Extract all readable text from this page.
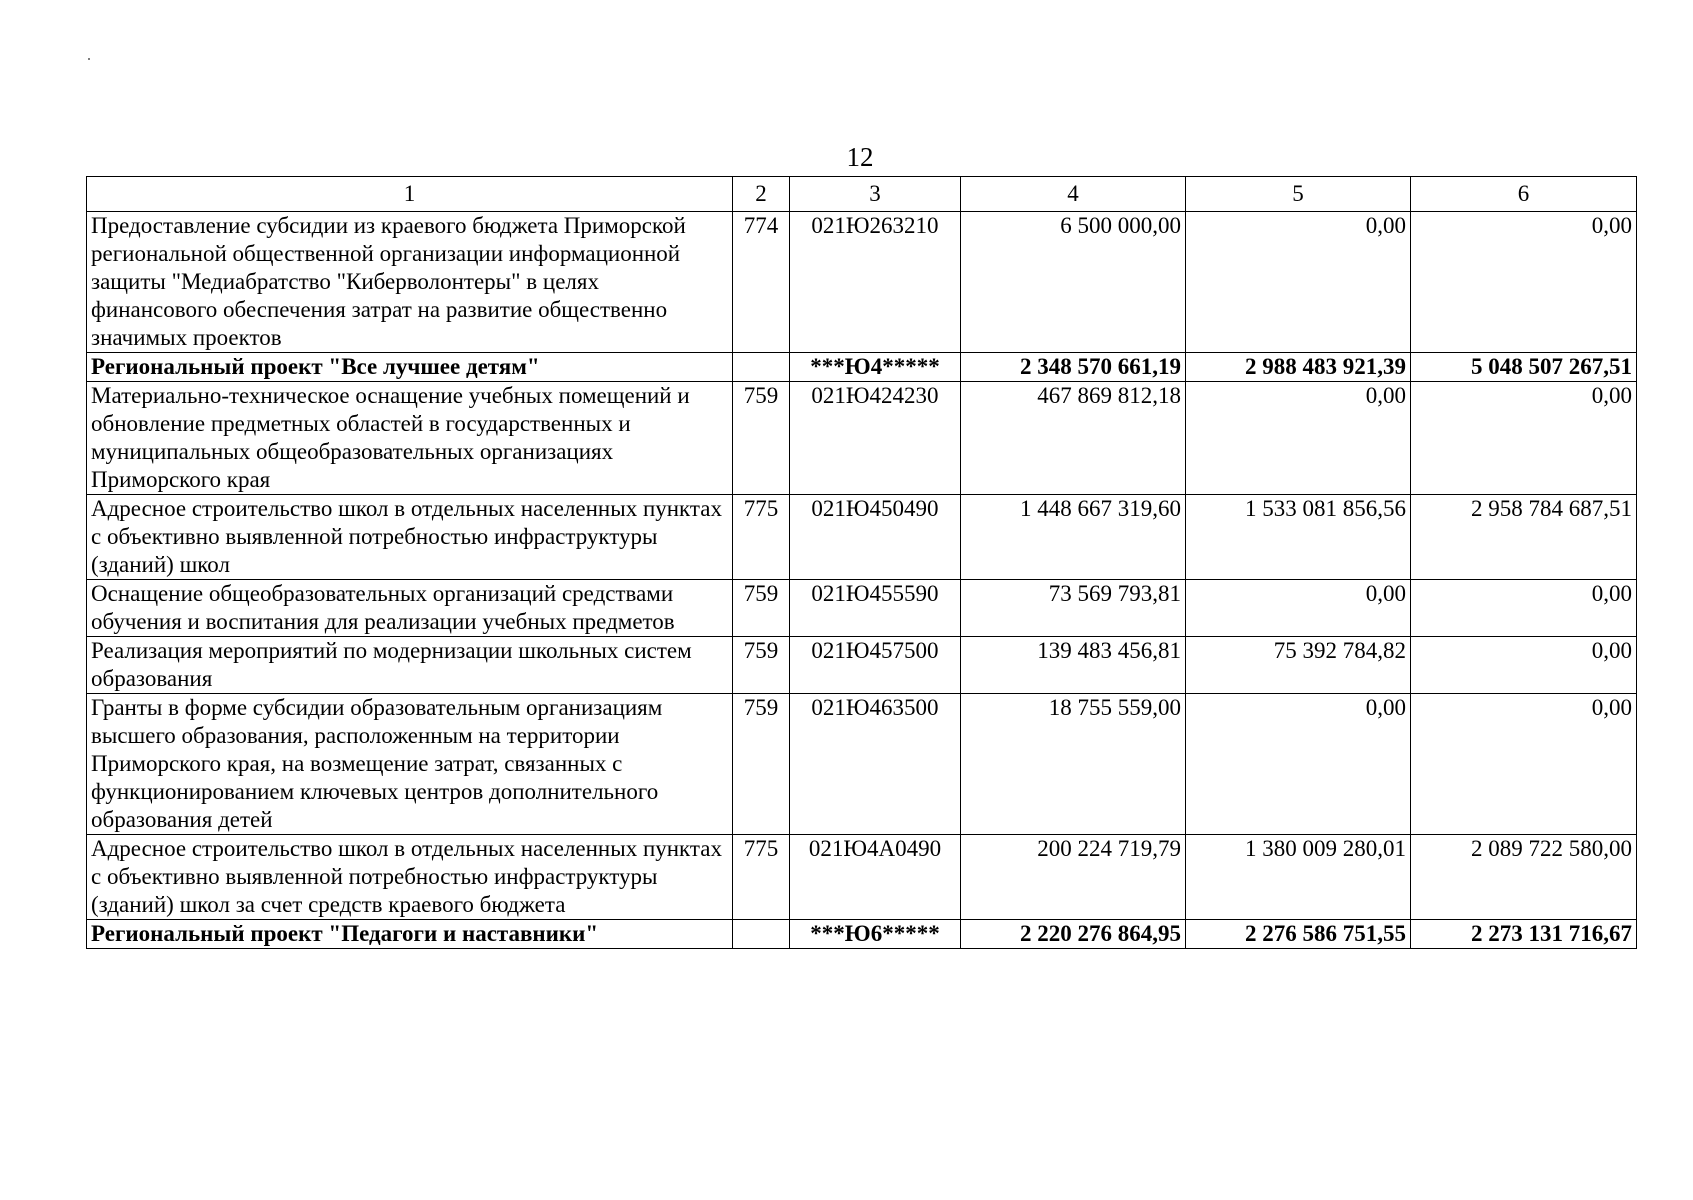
12
1	2	3	4	5	6
Предоставление субсидии из краевого бюджета Приморской региональной общественной организации информационной защиты "Медиабратство "Киберволонтеры" в целях финансового обеспечения затрат на развитие общественно значимых проектов	774	021Ю263210	6 500 000,00	0,00	0,00
Региональный проект "Все лучшее детям"		***Ю4*****	2 348 570 661,19	2 988 483 921,39	5 048 507 267,51
Материально-техническое оснащение учебных помещений и обновление предметных областей в государственных и муниципальных общеобразовательных организациях Приморского края	759	021Ю424230	467 869 812,18	0,00	0,00
Адресное строительство школ в отдельных населенных пунктах с объективно выявленной потребностью инфраструктуры (зданий) школ	775	021Ю450490	1 448 667 319,60	1 533 081 856,56	2 958 784 687,51
Оснащение общеобразовательных организаций средствами обучения и воспитания для реализации учебных предметов	759	021Ю455590	73 569 793,81	0,00	0,00
Реализация мероприятий по модернизации школьных систем образования	759	021Ю457500	139 483 456,81	75 392 784,82	0,00
Гранты в форме субсидии образовательным организациям высшего образования, расположенным на территории Приморского края, на возмещение затрат, связанных с функционированием ключевых центров дополнительного образования детей	759	021Ю463500	18 755 559,00	0,00	0,00
Адресное строительство школ в отдельных населенных пунктах с объективно выявленной потребностью инфраструктуры (зданий) школ за счет средств краевого бюджета	775	021Ю4А0490	200 224 719,79	1 380 009 280,01	2 089 722 580,00
Региональный проект "Педагоги и наставники"		***Ю6*****	2 220 276 864,95	2 276 586 751,55	2 273 131 716,67
